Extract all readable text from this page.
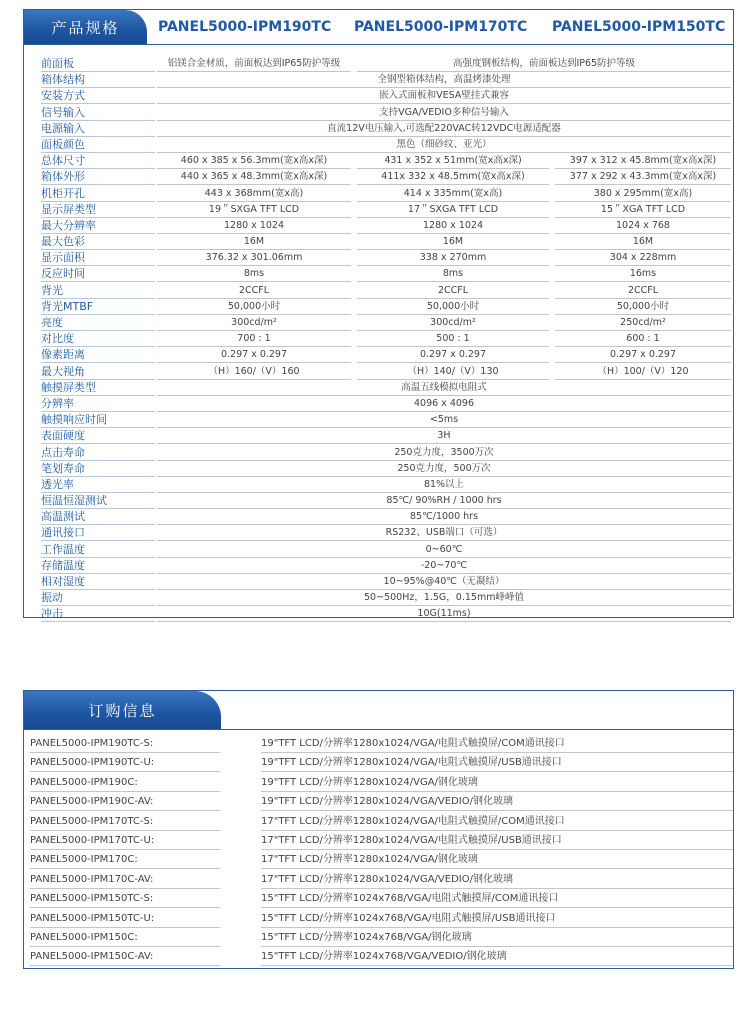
产品规格	PANEL5000-IPM190TC PANEL5000-IPM170TC PANEL5000-IPM150TC
前面板	铝镁合金材质，前面板达到IP65防护等级	高强度钢板结构，前面板达到IP65防护等级
箱体结构	全钢型箱体结构，高温烤漆处理
安装方式	嵌入式面板和VESA壁挂式兼容
信号输入	支持VGA/VEDIO多种信号输入
电源输入	直流12V电压输入,可选配220VAC转12VDC电源适配器
面板颜色	黑色（细砂纹、亚光）
总体尺寸	460 x 385 x 56.3mm(宽x高x深)	431 x 352 x 51mm(宽x高x深)	397 x 312 x 45.8mm(宽x高x深)
箱体外形	440 x 365 x 48.3mm(宽x高x深)	411x 332 x 48.5mm(宽x高x深)	377 x 292 x 43.3mm(宽x高x深)
机柜开孔	443 x 368mm(宽x高)	414 x 335mm(宽x高)	380 x 295mm(宽x高)
显示屏类型	19＂SXGA TFT LCD	17＂SXGA TFT LCD	15＂XGA TFT LCD
最大分辨率	1280 x 1024	1280 x 1024	1024 x 768
最大色彩	16M	16M	16M
显示面积	376.32 x 301.06mm	338 x 270mm	304 x 228mm
反应时间	8ms	8ms	16ms
背光	2CCFL	2CCFL	2CCFL
背光MTBF	50,000小时	50,000小时	50,000小时
亮度	300cd/m²	300cd/m²	250cd/m²
对比度	700 : 1	500 : 1	600 : 1
像素距离	0.297 x 0.297	0.297 x 0.297	0.297 x 0.297
最大视角	（H）160/（V）160	（H）140/（V）130	（H）100/（V）120
触摸屏类型	高温五线模拟电阻式
分辨率	4096 x 4096
触摸响应时间	<5ms
表面硬度	3H
点击寿命	250克力度，3500万次
笔划寿命	250克力度，500万次
透光率	81%以上
恒温恒湿测试	85℃/ 90%RH / 1000 hrs
高温测试	85℃/1000 hrs
通讯接口	RS232、USB端口（可选）
工作温度	0~60℃
存储温度	-20~70℃
相对湿度	10~95%@40℃（无凝结）
振动	50~500Hz，1.5G，0.15mm峰峰值
冲击	10G(11ms)
订购信息
PANEL5000-IPM190TC-S:	19"TFT LCD/分辨率1280x1024/VGA/电阻式触摸屏/COM通讯接口
PANEL5000-IPM190TC-U:	19"TFT LCD/分辨率1280x1024/VGA/电阻式触摸屏/USB通讯接口
PANEL5000-IPM190C:	19"TFT LCD/分辨率1280x1024/VGA/钢化玻璃
PANEL5000-IPM190C-AV:	19"TFT LCD/分辨率1280x1024/VGA/VEDIO/钢化玻璃
PANEL5000-IPM170TC-S:	17"TFT LCD/分辨率1280x1024/VGA/电阻式触摸屏/COM通讯接口
PANEL5000-IPM170TC-U:	17"TFT LCD/分辨率1280x1024/VGA/电阻式触摸屏/USB通讯接口
PANEL5000-IPM170C:	17"TFT LCD/分辨率1280x1024/VGA/钢化玻璃
PANEL5000-IPM170C-AV:	17"TFT LCD/分辨率1280x1024/VGA/VEDIO/钢化玻璃
PANEL5000-IPM150TC-S:	15"TFT LCD/分辨率1024x768/VGA/电阻式触摸屏/COM通讯接口
PANEL5000-IPM150TC-U:	15"TFT LCD/分辨率1024x768/VGA/电阻式触摸屏/USB通讯接口
PANEL5000-IPM150C:	15"TFT LCD/分辨率1024x768/VGA/钢化玻璃
PANEL5000-IPM150C-AV:	15"TFT LCD/分辨率1024x768/VGA/VEDIO/钢化玻璃
